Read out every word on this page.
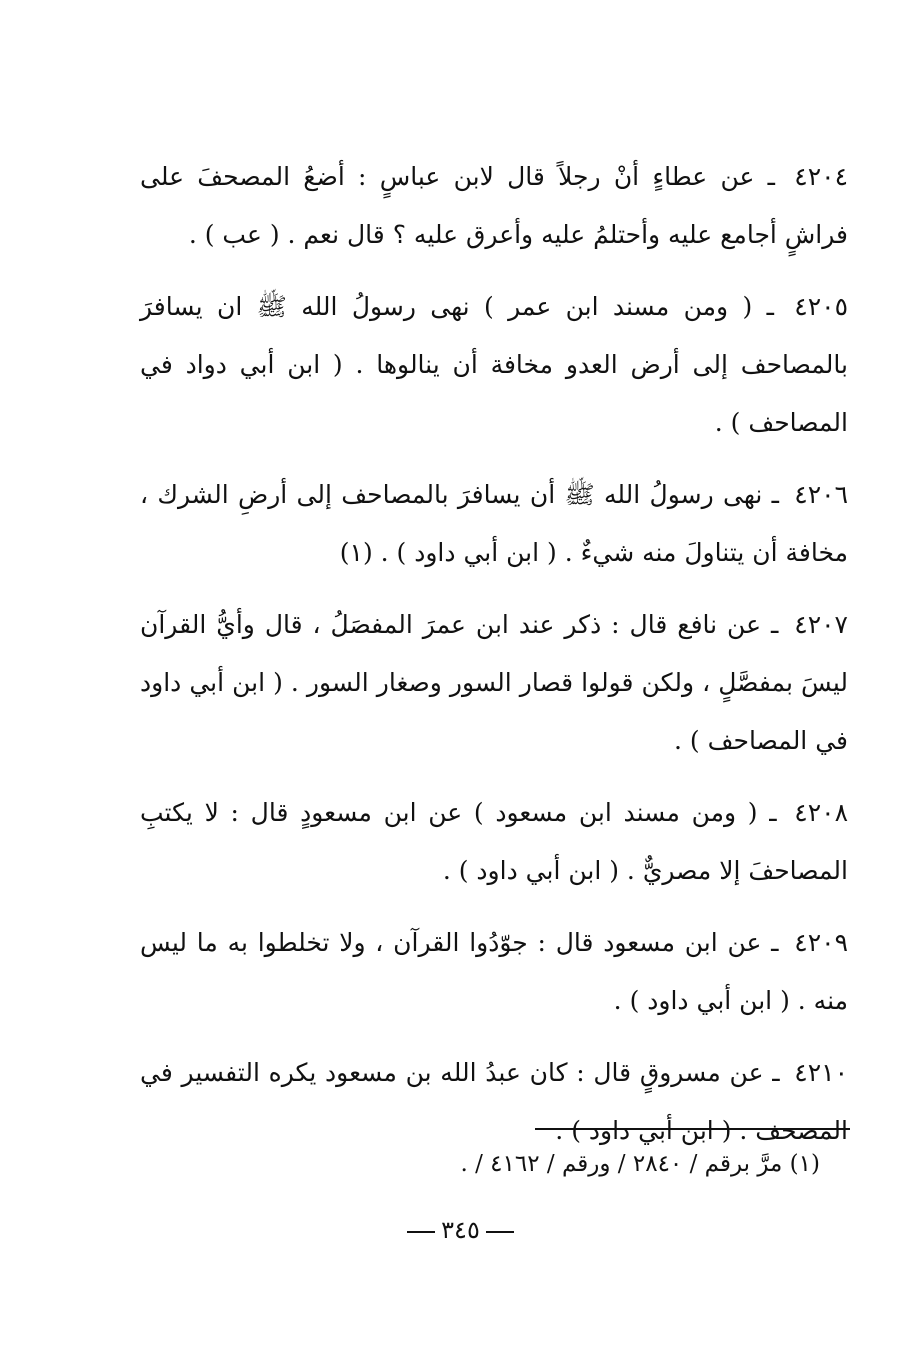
٤٢٠٤ ـ عن عطاءٍ أنْ رجلاً قال لابن عباسٍ : أضعُ المصحفَ على فراشٍ أجامع عليه وأحتلمُ عليه وأعرق عليه ؟ قال نعم . ( عب ) .

٤٢٠٥ ـ ( ومن مسند ابن عمر ) نهى رسولُ الله ﷺ ان يسافرَ بالمصاحف إلى أرض العدو مخافة أن ينالوها . ( ابن أبي دواد في المصاحف ) .

٤٢٠٦ ـ نهى رسولُ الله ﷺ أن يسافرَ بالمصاحف إلى أرضِ الشرك ، مخافة أن يتناولَ منه شيءٌ . ( ابن أبي داود ) . (١)

٤٢٠٧ ـ عن نافع قال : ذكر عند ابن عمرَ المفصَلُ ، قال وأيُّ القرآن ليسَ بمفصَّلٍ ، ولكن قولوا قصار السور وصغار السور . ( ابن أبي داود في المصاحف ) .

٤٢٠٨ ـ ( ومن مسند ابن مسعود ) عن ابن مسعودٍ قال : لا يكتبِ المصاحفَ إلا مصريٌّ . ( ابن أبي داود ) .

٤٢٠٩ ـ عن ابن مسعود قال : جوّدُوا القرآن ، ولا تخلطوا به ما ليس منه . ( ابن أبي داود ) .

٤٢١٠ ـ عن مسروقٍ قال : كان عبدُ الله بن مسعود يكره التفسير في المصحف . ( ابن أبي داود ) .

(١) مرَّ برقم / ٢٨٤٠ / ورقم / ٤١٦٢ / .
٣٤٥
